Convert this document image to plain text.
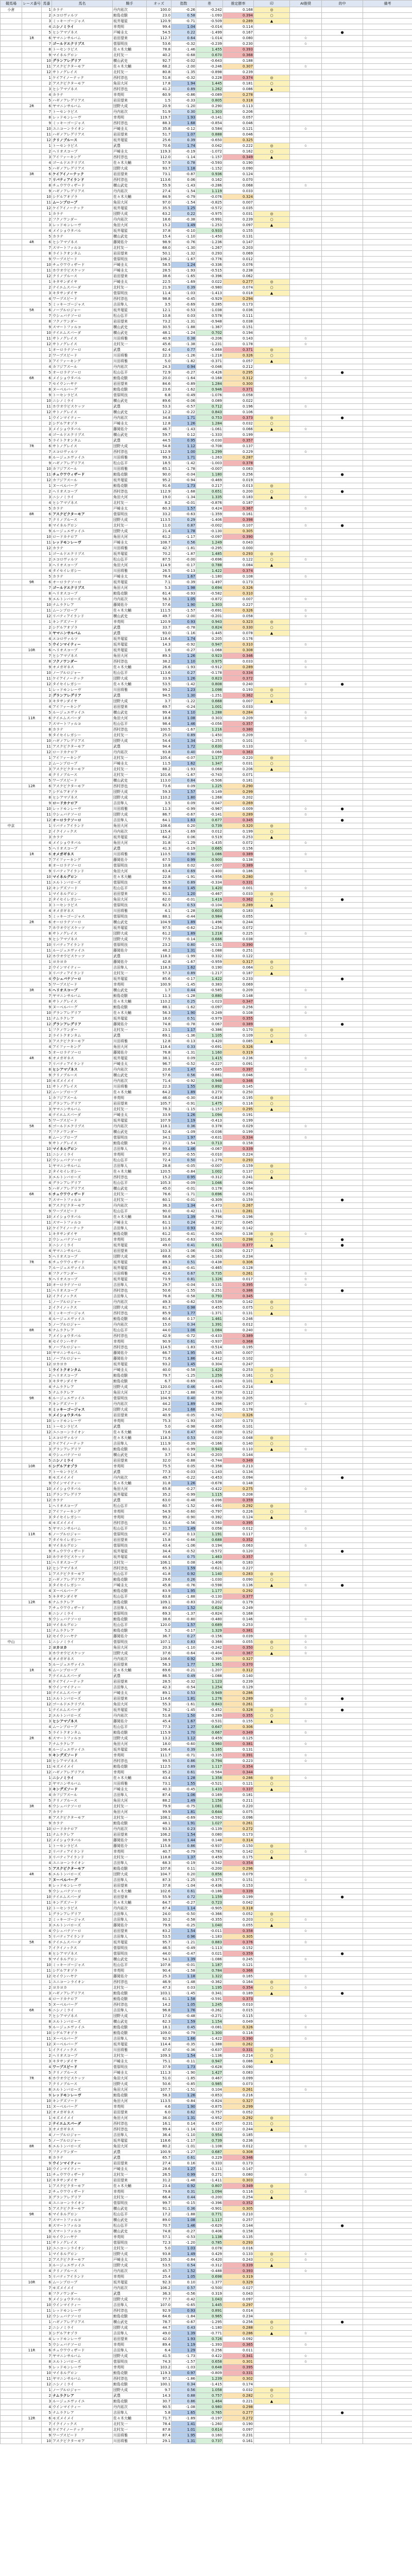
競馬場	レース番号	馬番	馬名	騎手	オッズ	指数	差	推定勝率	印	AI推奨	的中	備考
小倉		1	カラテ	丹内祐次	100.0	-0.26	-0.242	0.168	◎			
		2	エコロヴァルツ	鮫島克駿	23.0	0.58	-1.093	0.394	○			
		3	ミッキーゴージャス	坂井瑠星	120.9	-0.71	-0.509	0.289	▲			
		4	ニシノミライ	幸英明	99.4	1.04	-0.014	0.114				
		5	ヒシアマゾネス	戸崎圭太	54.5	0.22	-1.499	0.167			●	
	1R	6	ヤマニンサルバム	岩田望来	112.7	0.64	-1.014	0.080		☆		
		7	ゴールドエクリプス	菅原明良	53.6	-0.32	-0.239	0.230		☆		
		8	トーセンラピス	佐々木大輔	78.8	-1.46	1.455	0.393				
		9	マイネルグロン	北村友一	40.2	-0.68	0.670	0.368				
		10	グランアレグリア	横山武史	92.7	-0.02	-0.643	0.188				
		11	アスクビクターモア	佐々木大輔	68.2	-2.00	-0.246	0.307		☆		
		12	サトノグレイス	北村友一	80.8	-1.35	-0.898	0.239				
		1	ケイアイノーテック	西村淳也	51.8	-0.32	0.228	0.374	◎			
		2	アスクビクターモア	角田大河	17.8	1.94	1.445	0.181	○			
		3	ヒシアマゾネス	西村淳也	41.2	0.89	1.262	0.086	▲			
		4	カラテ	幸英明	60.9	-0.86	-0.089	0.278				
		5	ハギノアレグリアス	岩田望来	1.5	-0.33	0.805	0.318				
	2R	6	ヤマニンサルバム	団野大成	20.9	-1.20	0.290	0.113				
		7	トーセンラピス	丹内祐次	51.9	0.30	1.303	0.206				
		8	レッドモンレーヴ	幸英明	119.7	1.93	-0.141	0.057				
		9	ミッキーゴージャス	西村淳也	88.3	1.68	-0.854	0.046				
		10	ユニコーンライオン	戸崎圭太	35.8	-0.12	0.584	0.121		☆		
		11	ハギノアレグリアス	岩田望来	51.7	1.07	0.888	0.046				
		12	クリノブルース	坂井瑠星	25.6	0.39	-0.650	0.325				
		1	トーセンラピス	武豊	70.6	1.74	0.042	0.222	◎	☆		
		2	ヘリオスコープ	戸崎圭太	119.3	-0.19	-1.072	0.162	○			
		3	アイファーキング	西村淳也	112.0	-1.14	-1.157	0.349	▲			
		4	ゴールドエクリプス	佐々木大輔	57.9	0.78	-0.593	0.190				
		5	ハギノアレグリアス	団野大成	93.7	1.18	-1.152	0.090				
	3R	6	ケイアイノーテック	岩田望来	73.1	-0.87	0.936	0.124				
		7	リバティアイランド	西村淳也	113.6	0.06	0.162	0.070				
		8	チュウワウィザード	横山武史	55.9	-1.43	-0.286	0.068		☆		
		9	ハギノアレグリアス	丹内祐次	27.4	-1.54	1.119	0.033				
		10	シゲルアオゾラ	佐々木大輔	84.9	-0.79	-0.076	0.324				
		11	ムーンプローブ	角田大河	97.0	-1.54	-0.825	0.007				
		12	ケイアイノーテック	坂井瑠星	35.5	1.25	-0.572	0.035				
		1	カラテ	団野大成	63.2	0.22	-0.975	0.031	◎			
		2	フクノワンダー	丹内祐次	18.6	-0.38	-0.991	0.239	○			
		3	レッドモンレーヴ	角田大河	15.2	1.49	-1.253	0.097	▲			
		4	メイショウタバル	坂井瑠星	37.8	-0.10	0.933	0.155				
		5	カラテ	横山武史	15.4	-1.10	-1.450	0.131				
	4R	6	ヒシアマゾネス	藤岡佑介	98.9	-0.76	-1.236	0.147				
		7	スマートファルコ	北村友一	68.0	-1.30	-1.267	0.203				
		8	ライトクオンタム	岩田望来	50.1	-1.32	0.293	0.069				
		9	ワープスピード	菅原明良	106.2	-1.67	-0.776	0.012				
		10	チュウワウィザード	戸崎圭太	58.5	1.24	-0.336	0.076				
		11	ホウオウビスケッツ	戸崎圭太	28.5	-1.93	-0.515	0.238				
		12	クリノブルース	岩田望来	38.6	-1.65	-0.396	0.062				
		1	キタサンダイヤ	戸崎圭太	22.5	-1.69	0.022	0.277	◎			
		2	テイエムスパーダ	北村友一	21.9	0.39	-0.980	0.074	○			
		3	キタサンダイヤ	菅原明良	11.4	-1.03	-1.413	0.018	▲			
		4	ワープスピード	西村淳也	98.8	-0.45	-0.929	0.294				
		5	ミッキーゴージャス	吉田隼人	3.5	-0.69	0.285	0.173				
	5R	6	ノーブルロジャー	坂井瑠星	12.1	-0.53	-1.038	0.036				
		7	ウシュバテソーロ	松山弘平	10.8	0.03	0.578	0.111				
		8	フクノワンダー	岩田望来	73.2	-1.31	-0.948	0.038				
		9	スマートファルコ	横山武史	30.5	-1.88	-1.367	0.151				
		10	テイエムスパーダ	横山武史	48.1	-1.24	0.702	0.194				
		11	サトノグレイス	川田将雅	40.9	0.38	-0.206	0.143		☆		
		12	サトノグレイス	北村友一	45.6	-1.38	-1.231	0.178		☆		
		1	オーロラテソーロ	武豊	62.4	0.77	-0.668	0.371	◎			
		2	ワープスピード	川田将雅	22.3	-1.26	-1.218	0.326	○			
		3	アイファーキング	川田将雅	5.0	-1.82	-0.371	0.057	▲			
		4	カフジアスール	丹内祐次	24.3	0.94	-0.046	0.212				
		5	オーロラテソーロ	松山弘平	72.9	-0.27	-0.426	0.295			●	
	6R	6	メイショウタバル	鮫島克駿	20.0	-1.64	-0.168	0.312		☆		
		7	セイウンハヤテ	岩田望来	84.6	-0.89	1.284	0.300				
		8	ヌーベルバーグ	鮫島克駿	23.6	-1.62	0.946	0.371				
		9	トーセンラピス	菅原明良	6.8	-0.49	-1.076	0.058				
		10	ニシノミライ	横山武史	89.6	-0.06	0.089	0.022				
		11	ホウオウビスケッツ	武豊	53.3	-0.57	0.712	0.196		☆		
		12	サトノグレイス	横山武史	12.2	-0.22	0.843	0.106				
		1	ウインマイティー	丹内祐次	34.8	1.71	0.753	0.373	◎		●	
		2	シゲルアオゾラ	戸崎圭太	12.8	1.26	1.284	0.032	○			
		3	メイショウタバル	藤岡佑介	46.7	-1.43	-1.061	0.066	▲	☆		
		4	ゴールドエクリプス	横山武史	59.7	0.12	-1.333	0.199				
		5	ライトクオンタム	武豊	44.5	0.95	-0.030	0.357				
	7R	6	サトノグレイス	団野大成	54.8	1.12	-0.708	0.137				
		7	エコロヴァルツ	西村淳也	112.9	1.00	1.299	0.229		☆		
		8	ルージュエヴァイユ	川田将雅	99.3	1.71	-1.263	0.287				
		9	ハギノアレグリアス	松山弘平	18.5	-1.42	-1.003	0.378				
		10	カフジアスール	川田将雅	65.1	-1.78	-0.007	0.083				
		11	チュウワウィザード	鮫島克駿	90.0	-0.04	1.180	0.256			●	
		12	カフジアスール	坂井瑠星	95.2	-0.94	-0.469	0.019				
		1	ヌーベルバーグ	鮫島克駿	91.6	1.73	0.217	0.013	◎			
		2	ヘリオスコープ	西村淳也	112.9	-1.68	0.651	0.200	○		●	
		3	ニシノミライ	角田大河	19.0	-1.34	1.335	0.183	▲	☆		
		4	ヒシアマゾネス	北村友一	8.2	-0.01	-0.876	0.187				
		5	カラテ	戸崎圭太	60.3	1.57	0.424	0.367		☆		
	8R	6	アスクビクターモア	菅原明良	33.2	-0.63	-1.359	0.161				
		7	クリノブルース	団野大成	113.5	0.29	-1.406	0.398				
		8	マイネルグロン	北村友一	11.0	0.87	-0.002	0.107		☆	●	
		9	ルージュエヴァイユ	団野大成	21.4	1.78	-0.130	0.305				
		10	ロードカナロア	角田大河	61.2	-1.17	-0.097	0.390				
		11	レッドモンレーヴ	戸崎圭太	108.7	0.56	1.249	0.043				
		12	カラテ	川田将雅	42.7	-1.81	-0.295	0.000				
		1	ゴールドエクリプス	坂井瑠星	70.2	-1.87	1.485	0.293	◎			
		2	エコロヴァルツ	松山弘平	87.5	-0.00	-0.696	0.122	○	☆		
		3	ヘリオスコープ	角田大河	114.9	-0.17	0.788	0.084	▲			
		4	タイセイレガシー	川田将雅	26.5	-0.13	1.422	0.374				
		5	カラテ	戸崎圭太	78.4	1.67	-1.180	0.108		☆		
	9R	6	オーロラテソーロ	坂井瑠星	7.1	-0.39	-1.497	0.173				
		7	ゴールドエクリプス	角田大河	5.3	1.98	0.694	0.326				
		8	ヘリオスコープ	鮫島克駿	61.4	-0.93	-0.582	0.310				
		9	エルトンバローズ	丹内祐次	56.3	1.05	-0.872	0.007		☆		
		10	ナムラクレア	藤岡佑介	57.6	1.90	1.303	0.227				
		11	ムーンプローブ	佐々木大輔	111.5	-1.57	-0.691	0.326		☆		
		12	リバティアイランド	横山武史	49.7	-2.00	-0.201	0.058		☆		
		1	キングズソード	幸英明	120.9	0.93	0.943	0.323	◎			
		2	シゲルアオゾラ	武豊	33.7	-0.78	0.824	0.330	○			
		3	ヤマニンサルバム	武豊	93.0	-1.16	-1.445	0.078	▲			
		4	エコロヴァルツ	坂井瑠星	118.4	1.74	0.205	0.176				
		5	ウインマイティー	坂井瑠星	14.3	-0.92	0.947	0.310		☆		
	10R	6	ヘリオスコープ	坂井瑠星	1.6	-0.27	-1.068	0.308				
		7	ヒシアマゾネス	角田大河	89.3	1.26	0.923	0.346				
		8	フクノワンダー	西村淳也	38.2	1.10	0.975	0.033		☆		
		9	オメガギネス	佐々木大輔	26.6	-1.93	-0.912	0.289		☆		
		10	ノーブルロジャー	松山弘平	113.6	0.27	-0.178	0.334				
		11	ケイアイノーテック	団野大成	33.9	1.26	0.823	0.372				
		12	タイセイレガシー	佐々木大輔	53.5	-1.42	0.808	0.240		☆	●	
		1	レッドモンレーヴ	川田将雅	99.2	1.23	1.098	0.193	◎			
		2	グランアレグリア	武豊	94.5	1.30	-1.251	0.362	○			
		3	キタサンダイヤ	団野大成	3.7	-1.22	0.668	0.007	▲			
		4	アイファーキング	岩田望来	69.7	-0.24	1.001	0.033				
		5	ルージュエヴァイユ	横山武史	99.4	1.10	1.288	0.284		☆		
	11R	6	テイエムスパーダ	角田大河	18.8	1.08	0.303	0.209		☆		
		7	スマートファルコ	松山弘平	98.4	1.46	-0.056	0.357				
		8	カラテ	西村淳也	100.5	-1.67	1.216	0.380				
		9	タイセイレガシー	北村友一	25.0	0.89	-1.450	0.209				
		10	ハギノアレグリアス	団野大成	54.4	1.34	-1.255	0.101		☆		
		11	アスクビクターモア	武豊	94.4	1.72	0.630	0.133				
		12	ロードカナロア	丹内祐次	93.8	0.40	0.066	0.363				
		1	アイファーキング	北村友一	105.4	-0.07	1.177	0.220	◎			
		2	ムーンプローブ	戸崎圭太	11.5	1.62	1.347	0.031	○			
		3	アスクビクターモア	北村友一	88.2	-1.93	0.068	0.206	▲			
		4	クリノブルース	北村友一	101.6	-1.67	-0.743	0.071				
		5	ワープスピード	横山武史	113.0	0.84	-0.506	0.181				
	12R	6	アスクビクターモア	西村淳也	73.6	0.09	1.225	0.290				
		7	シゲルアオゾラ	団野大成	59.3	1.57	0.149	0.299				
		8	ヒシアマゾネス	団野大成	110.2	1.80	-1.268	0.202				
		9	ロードカナロア	吉田隼人	3.5	0.09	0.047	0.269				
		10	レッドモンレーヴ	川田将雅	11.3	-0.99	-0.967	0.009		☆	●	
		11	ウシュバテソーロ	団野大成	86.7	-0.67	-0.141	0.289		☆		
		12	オーロラテソーロ	吉田隼人	64.1	1.63	0.677	0.345			●	
中京		1	リバティアイランド	角田大河	108.6	0.20	0.739	0.320	◎			
		2	イクイノックス	丹内祐次	115.4	-1.69	0.012	0.199	○			
		3	カラテ	坂井瑠星	64.2	0.06	0.519	0.253	▲			
		4	メイショウタバル	角田大河	31.8	-1.29	-1.435	0.072		☆		
		5	ヘリオスコープ	武豊	41.3	-0.19	0.665	0.156				
	1R	6	オメガギネス	川田将雅	110.5	0.90	1.086	0.389		☆		
		7	アイファーキング	藤岡佑介	67.5	0.99	0.900	0.138				
		8	オーロラテソーロ	菅原明良	10.8	0.02	-0.007	0.389				
		9	リバティアイランド	角田大河	63.4	0.69	0.400	0.186		☆		
		10	マイネルグロン	佐々木大輔	22.8	-1.91	-0.956	0.280				
		11	エルトンバローズ	菅原明良	55.9	0.89	-0.334	0.331				
		12	キングズソード	松山弘平	88.6	1.45	1.420	0.001		☆		
		1	マイネルグロン	岩田望来	91.1	1.20	-0.467	0.033	◎			
		2	タイセイレガシー	角田大河	62.0	-0.01	1.419	0.362	○		●	
		3	トーセンラピス	菅原明良	82.3	0.53	-0.104	0.289	▲			
		4	オメガギネス	川田将雅	4.1	-1.28	0.603	0.183				
		5	ミッキーゴージャス	菅原明良	88.1	-0.44	0.984	0.055				
	2R	6	オーロラテソーロ	横山武史	104.9	1.89	-1.496	0.244				
		7	ホウオウビスケッツ	坂井瑠星	97.5	-0.62	-1.254	0.072				
		8	サトノグレイス	団野大成	61.2	1.89	1.218	0.225		☆		
		9	ヒシアマゾネス	団野大成	77.5	-0.14	0.666	0.038				
		10	リバティアイランド	菅原明良	23.2	0.80	-0.131	0.390				
		11	ルージュエヴァイユ	藤岡佑介	48.2	1.31	-1.088	0.251				
		12	ホウオウビスケッツ	武豊	118.3	-1.99	0.332	0.122				
		1	ヨカヨカ	藤岡佑介	42.8	-1.67	-0.959	0.317	◎			
		2	ウインマイティー	吉田隼人	118.3	1.62	0.190	0.064	○			
		3	リバティアイランド	北村友一	57.3	0.89	-1.217	0.187	▲			
		4	ウシュバテソーロ	坂井瑠星	85.6	-0.17	1.422	0.233			●	
		5	ワープスピード	幸英明	100.9	-1.45	0.383	0.069				
	3R	6	ヘリオスコープ	横山武史	1.7	0.44	-0.585	0.209		☆		
		7	ヤマニンサルバム	鮫島克駿	11.3	-1.28	0.880	0.148				
		8	サトノグレイス	佐々木大輔	110.2	0.25	-1.023	0.347				
		9	ヌーベルバーグ	鮫島克駿	88.1	-1.62	-0.097	0.256		☆		
		10	グランアレグリア	佐々木大輔	56.3	1.90	0.249	0.108		☆		
		11	ナムラクレア	坂井瑠星	18.0	0.51	-0.979	0.355				
		12	グランアレグリア	藤岡佑介	74.8	-0.78	0.067	0.389			●	
		1	フクノワンダー	北村友一	23.1	1.17	-0.386	0.170	◎			
		2	ライトクオンタム	武豊	69.1	-1.36	1.105	0.109	○	☆		
		3	アスクビクターモア	川田将雅	12.8	-0.13	0.420	0.085	▲			
		4	アイファーキング	角田大河	118.4	0.33	-0.691	0.326				
		5	オーロラテソーロ	藤岡佑介	76.8	-1.31	1.160	0.319				
	4R	6	オメガギネス	坂井瑠星	38.1	0.09	1.415	0.236		☆		
		7	リバティアイランド	戸崎圭太	96.7	-0.52	-0.227	0.091				
		8	ヒシアマゾネス	丹内祐次	20.6	1.47	-0.685	0.397		☆		
		9	クリノブルース	横山武史	57.6	0.56	-0.861	0.046				
		10	モズメイメイ	丹内祐次	71.4	-0.92	0.948	0.346				
		11	サトノグレイス	川田将雅	22.3	1.55	0.892	0.145				
		12	ムーンプローブ	佐々木大輔	64.2	1.89	0.273	0.250				
		1	カフジアスール	幸英明	46.0	-0.30	-0.818	0.195	◎			
		2	グランアレグリア	岩田望来	105.7	-0.91	1.475	0.116	○			
		3	ヤマニンサルバム	北村友一	78.3	-1.15	-1.157	0.295	▲			
		4	テイエムスパーダ	戸崎圭太	33.9	1.26	1.094	0.191				
		5	ワープスピード	坂井瑠星	107.9	1.19	-0.413	0.199				
	5R	6	ゴールドエクリプス	丹内祐次	118.1	0.36	0.378	0.029		☆		
		7	フクノワンダー	横山武史	52.4	-1.09	-0.036	0.199				
		8	ムーンプローブ	菅原明良	34.1	1.97	-0.631	0.334		☆		
		9	サトノグレイス	鮫島克駿	27.1	-1.54	0.713	0.158				
		10	マイネルグロン	吉田隼人	99.4	1.46	-0.067	0.339				
		11	ニシノミライ	幸英明	97.2	-0.55	-0.010	0.224				
		12	ウシュバテソーロ	松山弘平	72.4	0.50	-1.279	0.293				
		1	ヤマニンサルバム	吉田隼人	28.8	-0.05	-0.007	0.159	◎			
		2	タイセイレガシー	佐々木大輔	120.5	-0.84	1.002	0.137	○			
		3	エルトンバローズ	西村淳也	15.2	0.95	-0.312	0.241	▲			
		4	グランアレグリア	松山弘平	105.3	-0.09	1.046	0.094				
		5	ハギノアレグリアス	横山武史	45.0	-0.01	0.178	0.164				
	6R	6	チュウワウィザード	北村友一	76.6	-1.71	0.696	0.251				
		7	スマートファルコ	北村友一	60.1	-0.01	-0.309	0.159			●	
		8	アスクビクターモア	丹内祐次	36.3	1.34	-0.473	0.267				
		9	ワープスピード	松山弘平	90.0	-0.42	0.311	0.281				
		10	メイショウタバル	佐々木大輔	58.8	1.39	-0.796	0.196				
		11	スマートファルコ	戸崎圭太	61.1	0.24	-0.272	0.045				
		12	ケイアイノーテック	吉田隼人	10.3	0.93	0.382	0.142				
		1	キタサンダイヤ	鮫島克駿	61.2	-0.41	-0.304	0.138	◎	☆		
		2	ウシュバテソーロ	幸英明	101.6	-0.63	0.505	0.298	○		●	
		3	ニシノミライ	坂井瑠星	49.0	0.41	0.611	0.377	▲		●	
		4	ヤマニンサルバム	岩田望来	103.3	-1.06	-0.026	0.217				
		5	ヘリオスコープ	団野大成	68.6	-0.36	-1.163	0.234				
	7R	6	チュウワウィザード	坂井瑠星	89.3	0.51	-0.438	0.306				
		7	ルージュエヴァイユ	坂井瑠星	49.1	-0.41	-0.465	0.128				
		8	フクノワンダー	川田将雅	42.6	0.67	0.735	0.261		☆		
		9	ヘリオスコープ	坂井瑠星	73.9	0.81	1.326	0.017		☆		
		10	オーロラテソーロ	吉田隼人	29.7	-0.04	0.131	0.395		☆		
		11	ヘリオスコープ	西村淳也	50.6	-1.55	0.251	0.386			●	
		12	イクイノックス	吉田隼人	76.8	-0.58	0.793	0.345				
		1	ノーブルロジャー	丹内祐次	49.3	-0.62	-0.539	0.142	◎			
		2	イクイノックス	団野大成	81.7	0.98	0.455	0.075	○			
		3	ミッキーゴージャス	西村淳也	85.9	1.77	-1.371	0.131	▲			
		4	ルージュエヴァイユ	鮫島克駿	60.4	0.17	1.461	0.246				
		5	ノーブルロジャー	丹内祐次	15.0	0.34	1.391	0.012		☆		
	8R	6	ナムラクレア	松山弘平	44.0	1.06	1.084	0.240		☆		
		7	メイショウタバル	西村淳也	42.9	-0.72	-0.433	0.389				
		8	セイウンハヤテ	幸英明	90.9	0.61	-0.937	0.368				
		9	ノーブルロジャー	西村淳也	114.5	-1.83	-0.514	0.195				
		10	ヤマニンサルバム	藤岡佑介	66.7	1.95	0.345	0.007				
		11	ノーブルロジャー	藤岡佑介	71.6	1.86	-1.412	0.102				
		12	ヨカヨカ	坂井瑠星	93.2	1.45	0.304	0.247				
		1	ライトクオンタム	戸崎圭太	40.0	-0.58	1.420	0.253	◎			
		2	ヘリオスコープ	鮫島克駿	79.7	-1.25	1.259	0.161	○			
		3	キタサンダイヤ	鮫島克駿	6.7	-0.69	-0.034	0.101	▲			
		4	ナムラクレア	団野大成	120.0	0.46	-1.445	0.214				
		5	ナムラクレア	角田大河	117.2	-1.88	-0.739	0.112				
	9R	6	ルージュエヴァイユ	菅原明良	104.9	0.40	0.350	0.205				
		7	キングズソード	丹内祐次	44.2	1.89	0.396	0.197		☆		
		8	ミッキーゴージャス	団野大成	24.0	1.68	-0.295	0.178				
		9	メイショウタバル	岩田望来	40.9	-0.05	-0.742	0.326				
		10	レッドモンレーヴ	幸英明	75.3	-1.93	0.107	0.173				
		11	トーセンラピス	武豊	5.0	-0.98	-0.656	0.101				
		12	ユニコーンライオン	佐々木大輔	73.6	0.47	0.039	0.152				
		1	エコロヴァルツ	佐々木大輔	118.3	0.53	-0.020	0.048	◎			
		2	ケイアイノーテック	吉田隼人	111.9	-0.39	-0.166	0.140	○			
		3	グランアレグリア	鮫島克駿	60.1	-0.99	0.943	0.110	▲	☆		
		4	ウシュバテソーロ	横山武史	3.7	0.14	-0.203	0.144				
		5	ニシノミライ	岩田望来	32.0	-0.88	-0.744	0.349				
	10R	6	シゲルアオゾラ	幸英明	75.5	0.05	-0.358	0.213				
		7	トーセンラピス	武豊	77.3	-0.03	-1.143	0.134				
		8	モズメイメイ	丹内祐次	49.7	-0.22	-0.453	0.094			●	
		9	ウインマイティー	佐々木大輔	31.8	1.26	-0.678	0.148				
		10	メイショウタバル	角田大河	65.8	-0.27	-0.422	0.275		☆		
		11	グランアレグリア	坂井瑠星	35.2	-0.99	1.115	0.208				
		12	カラテ	武豊	63.0	-0.48	0.096	0.359				
		1	ヘリオスコープ	松山弘平	60.7	-1.52	-0.491	0.292	◎			
		2	アイファーキング	幸英明	54.9	-0.60	-0.797	0.226	○	☆		
		3	タイセイレガシー	幸英明	99.2	-0.90	-0.392	0.124	▲			
		4	モズメイメイ	西村淳也	53.4	-0.56	0.560	0.395				
		5	ヤマニンサルバム	松山弘平	31.7	1.49	0.058	0.012		☆		
	11R	6	ノーブルロジャー	菅原明良	47.2	0.13	1.191	0.117				
		7	タイセイレガシー	岩田望来	15.8	-0.66	0.688	0.352				
		8	マイネルグロン	菅原明良	43.4	-1.06	0.194	0.063		☆		
		9	チュウワウィザード	坂井瑠星	34.4	-0.52	-0.572	0.120			●	
		10	ホウオウビスケッツ	坂井瑠星	44.6	0.75	1.463	0.357				
		11	ヘリオスコープ	北村友一	106.1	0.08	-1.406	0.183				
		12	ヒシアマゾネス	西村淳也	65.3	1.59	-0.621	0.227				
		1	アスクビクターモア	松山弘平	41.8	0.92	1.140	0.283	◎			
		2	ハギノアレグリアス	鮫島克駿	29.6	0.26	-1.030	0.090	○			
		3	タイセイレガシー	戸崎圭太	45.8	-0.76	-0.598	0.136	▲	☆	●	
		4	ヌーベルバーグ	鮫島克駿	83.9	1.95	1.177	0.292				
		5	キタサンダイヤ	松山弘平	63.8	-1.88	-0.130	0.377				
	12R	6	ナムラクレア	鮫島克駿	109.1	-0.83	0.202	0.179				
		7	チュウワウィザード	吉田隼人	89.0	1.52	0.624	0.249				
		8	ニシノミライ	菅原明良	69.3	-1.37	-0.824	0.168				
		9	ウシュバテソーロ	鮫島克駿	38.6	-0.80	-0.480	0.146		☆		
		10	マイネルグロン	松山弘平	120.0	1.57	0.689	0.253				
		11	ナムラクレア	鮫島克駿	5.2	-0.17	1.329	0.381				
		12	セイウンハヤテ	藤岡佑介	36.7	0.27	-0.156	0.039		☆		
中山		1	ニシノミライ	菅原明良	107.1	0.83	0.368	0.055	◎	☆		
		2	ヨカヨカ	角田大河	20.3	-1.10	-0.242	0.350	○	☆		
		3	ホウオウビスケッツ	団野大成	37.6	-0.64	-0.404	0.367	▲	☆		
		4	オメガギネス	丹内祐次	108.6	0.92	0.395	0.327				
		5	ルージュエヴァイユ	岩田望来	56.3	1.77	1.361	0.370				
	1R	6	ムーンプローブ	佐々木大輔	69.6	-0.21	-1.207	0.312				
		7	テイエムスパーダ	武豊	86.5	0.49	-1.088	0.140				
		8	ケイアイノーテック	岩田望来	28.5	-0.32	1.123	0.239				
		9	ウインマイティー	吉田隼人	42.3	-0.54	1.254	0.129				
		10	テイエムスパーダ	戸崎圭太	89.1	0.53	0.949	0.286				
		11	エルトンバローズ	岩田望来	114.6	1.81	1.276	0.289		☆	●	
		12	ゴールドエクリプス	角田大河	55.3	-1.61	0.843	0.261		☆		
		1	テイエムスパーダ	坂井瑠星	76.2	-1.45	-0.452	0.328	◎		●	
		2	エルトンバローズ	丹内祐次	51.8	1.50	0.289	0.355	○			
		3	ヒシアマゾネス	藤岡佑介	45.4	1.67	-0.531	0.155	▲	☆		
		4	ムーンプローブ	松山弘平	77.3	1.27	0.647	0.306				
		5	ライトクオンタム	鮫島克駿	115.9	1.70	0.667	0.349		☆		
	2R	6	スマートファルコ	団野大成	13.2	1.12	0.459	0.125				
		7	ナムラクレア	角田大河	18.0	-0.60	0.960	0.381		☆		
		8	ルージュエヴァイユ	坂井瑠星	106.4	0.39	1.165	0.131				
		9	キングズソード	幸英明	111.7	-0.71	-0.335	0.391		☆		
		10	ヒシアマゾネス	西村淳也	99.5	0.86	0.794	0.223		☆		
		11	モズメイメイ	鮫島克駿	112.5	0.89	1.117	0.354				
		12	ハギノアレグリアス	幸英明	95.2	0.61	-0.564	0.344				
		1	ニシノミライ	佐々木大輔	43.4	1.28	1.358	0.286	◎	☆		
		2	ヤマニンサルバム	川田将雅	73.1	1.55	-0.521	0.121	○			
		3	キングズソード	戸崎圭太	40.3	-0.45	1.433	0.337	▲			
		4	カフジアスール	吉田隼人	87.4	1.06	0.169	0.181				
		5	クリノブルース	角田大河	88.2	1.49	1.158	0.211				
	3R	6	ウシュバテソーロ	北村友一	79.9	-0.75	1.081	0.220				
		7	カラテ	角田大河	99.9	1.81	0.644	0.075				
		8	アスクビクターモア	北村友一	108.1	-0.69	-0.592	0.096				
		9	カラテ	鮫島克駿	48.1	1.91	1.027	0.261				
		10	ロードカナロア	丹内祐次	93.3	0.23	-0.139	0.272				
		11	ナムラクレア	岩田望来	106.2	1.54	0.080	0.173				
		12	メイショウタバル	藤岡佑介	38.9	1.44	0.148	0.314				
		1	トーセンラピス	藤岡佑介	115.8	0.86	-0.937	0.150	◎			
		2	リバティアイランド	幸英明	40.7	-0.79	-0.783	0.142	○	☆		
		3	リバティアイランド	北村友一	118.8	1.37	0.459	0.175	▲			
		4	ユニコーンライオン	吉田隼人	68.3	-0.19	0.542	0.354				
		5	アスクビクターモア	鮫島克駿	107.8	0.11	-0.200	0.296				
	4R	6	エルトンバローズ	団野大成	104.7	0.20	0.856	0.079				
		7	ヌーベルバーグ	吉田隼人	87.3	-1.25	-0.375	0.151		☆		
		8	レッドモンレーヴ	岩田望来	37.8	-1.04	-0.436	0.153				
		9	ウシュバテソーロ	佐々木大輔	102.6	0.61	-0.186	0.339				
		10	テイエムスパーダ	岩田望来	55.9	0.72	1.159	0.199			●	
		11	キングズソード	佐々木大輔	64.7	-0.27	0.723	0.042				
		12	トーセンラピス	丹内祐次	67.4	1.14	-0.905	0.318				
		1	グランアレグリア	吉田隼人	24.0	-0.50	-0.366	0.052	◎			
		2	ミッキーゴージャス	吉田隼人	30.2	-0.58	-0.355	0.203	○	☆		
		3	エルトンバローズ	藤岡佑介	79.9	-0.25	1.040	0.055	▲			
		4	ウシュバテソーロ	岩田望来	83.2	1.54	-0.011	0.358		☆		
		5	リバティアイランド	吉田隼人	53.5	0.96	-1.183	0.305				
	5R	6	テイエムスパーダ	坂井瑠星	95.7	-1.21	0.883	0.376		☆		
		7	イクイノックス	菅原明良	46.5	-0.49	-1.113	0.152				
		8	ヒシアマゾネス	菅原明良	44.0	-0.47	0.021	0.359			●	
		9	マイネルグロン	横山武史	54.1	1.39	-1.086	0.245		☆		
		10	ミッキーゴージャス	松山弘平	107.8	-0.01	1.187	0.121				
		11	シゲルアオゾラ	幸英明	90.4	-1.58	0.784	0.366				
		12	セイウンハヤテ	藤岡佑介	25.3	1.18	1.322	0.165		☆		
		1	ユニコーンライオン	西村淳也	46.9	-1.48	-0.362	0.164	◎			
		2	ヨカヨカ	北村友一	47.3	0.03	1.195	0.354	○	☆		
		3	ハギノアレグリアス	鮫島克駿	103.1	-1.45	0.341	0.189	▲		●	
		4	ロードカナロア	鮫島克駿	61.1	1.58	-0.591	0.373				
		5	ヌーベルバーグ	西村淳也	14.2	1.05	1.245	0.010				
	6R	6	ニシノミライ	吉田隼人	96.8	1.76	-0.262	0.015				
		7	ヒシアマゾネス	団野大成	17.0	-0.48	-0.271	0.115		☆		
		8	エルトンバローズ	横山武史	62.3	1.59	1.154	0.049				
		9	ルージュエヴァイユ	鮫島克駿	18.1	0.45	-0.081	0.326		☆		
		10	シゲルアオゾラ	鮫島克駿	109.0	-0.79	1.300	0.116				
		11	ヌーベルバーグ	吉田隼人	92.9	1.66	-1.422	0.390		☆		
		12	ヌーベルバーグ	坂井瑠星	114.4	-0.35	-1.388	0.262				
		1	イクイノックス	川田将雅	47.0	-0.36	-0.637	0.331	◎			
		2	ヘリオスコープ	北村友一	109.3	1.54	-1.136	0.214	○			
		3	キタサンダイヤ	戸崎圭太	75.1	-0.11	0.947	0.086	▲			
		4	ワープスピード	菅原明良	37.9	1.73	-0.628	0.090				
		5	クリノブルース	戸崎圭太	111.3	-1.90	1.427	0.083				
	7R	6	ホウオウビスケッツ	角田大河	51.0	-1.85	0.467	0.099				
		7	クリノブルース	団野大成	50.6	-0.85	0.985	0.073				
		8	エルトンバローズ	角田大河	107.7	-1.51	0.104	0.261		☆		
		9	レッドモンレーヴ	鮫島克駿	58.3	1.26	-0.853	0.216				
		10	キングズソード	角田大河	113.5	-0.84	-0.824	0.327				
		11	ヌーベルバーグ	幸英明	4.6	1.90	-0.875	0.299				
		12	オメガギネス	岩田望来	6.0	0.62	-0.757	0.052				
		1	モズメイメイ	角田大河	36.0	1.31	-0.952	0.292	◎			
		2	テイエムスパーダ	西村淳也	16.1	0.14	0.457	0.231	○			
		3	オメガギネス	西村淳也	99.4	-1.14	0.122	0.244	▲			
		4	ノーブルロジャー	吉田隼人	36.4	-1.10	0.954	0.185				
		5	ノーブルロジャー	坂井瑠星	118.6	-1.17	0.739	0.236				
	8R	6	エルトンバローズ	角田大河	80.2	-1.01	-1.108	0.012		☆		
		7	フクノワンダー	武豊	100.9	-1.27	0.687	0.308				
		8	カラテ	武豊	65.7	0.61	0.229	0.346				
		9	ウインマイティー	岩田望来	27.4	0.16	0.333	0.173				
		10	ウインマイティー	戸崎圭太	28.6	1.27	-0.111	0.147				
		11	チュウワウィザード	北村友一	26.5	0.99	0.271	0.080		☆		
		12	キタサンダイヤ	岩田望来	31.2	-1.48	-1.411	0.303				
		1	アスクビクターモア	佐々木大輔	23.4	0.92	0.807	0.349	◎			
		2	チュウワウィザード	幸英明	79.8	0.31	1.094	0.116	○	☆		
		3	グランアレグリア	北村友一	66.4	0.44	-0.200	0.254	▲			
		4	ユニコーンライオン	菅原明良	99.7	-0.15	-0.396	0.352				
		5	アスクビクターモア	横山武史	91.1	0.36	-0.901	0.305				
	9R	6	マイネルグロン	松山弘平	17.2	-1.88	0.771	0.210				
		7	スマートファルコ	横山武史	89.0	1.08	1.117	0.257				
		8	スマートファルコ	松山弘平	70.7	1.46	-0.629	0.144			●	
		9	スマートファルコ	横山武史	74.8	-0.27	0.406	0.158				
		10	セイウンハヤテ	幸英明	57.1	-0.53	1.138	0.135				
		11	サトノグレイス	菅原明良	72.3	-1.20	0.785	0.293				
		12	ユニコーンライオン	北村友一	5.0	1.03	0.078	0.016				
		1	マイネルグロン	団野大成	93.8	1.49	0.429	0.133	◎	☆		
		2	アスクビクターモア	戸崎圭太	105.3	-0.84	-0.420	0.243	○	☆		
		3	ルージュエヴァイユ	団野大成	53.5	0.54	-0.312	0.339	▲			
		4	クリノブルース	丹内祐次	45.7	1.52	-0.488	0.393		☆		
		5	リバティアイランド	幸英明	25.4	1.05	0.698	0.319				
	10R	6	ムーンプローブ	坂井瑠星	92.3	0.10	-1.377	0.329				
		7	モズメイメイ	丹内祐次	106.2	0.57	-0.500	0.027				
		8	フクノワンダー	武豊	36.3	-0.56	0.319	0.043				
		9	メイショウタバル	団野大成	77.7	-0.42	1.043	0.097				
		10	ウインマイティー	吉田隼人	107.0	-0.65	1.445	0.297				
		11	レッドモンレーヴ	西村淳也	92.9	0.93	0.891	0.014				
		12	ウシュバテソーロ	鮫島克駿	64.6	-1.84	0.965	0.234				
		1	ハギノアレグリアス	横山武史	78.7	-0.67	-1.295	0.256	◎		●	
		2	ニシノミライ	団野大成	44.7	0.43	-1.180	0.288	○			
		3	シゲルアオゾラ	吉田隼人	49.0	1.39	-0.771	0.286	▲	☆		
		4	レッドモンレーヴ	岩田望来	42.0	1.93	0.726	0.092				
		5	ウシュバテソーロ	幸英明	89.4	1.19	-1.393	0.365		☆		
	11R	6	チュウワウィザード	吉田隼人	6.4	1.29	0.256	0.011				
		7	ヤマニンサルバム	団野大成	41.5	-1.73	0.422	0.341		☆		
		8	エルトンバローズ	菅原明良	74.3	-1.57	0.658	0.301		☆		
		9	レッドモンレーヴ	幸英明	103.2	-1.03	0.648	0.395				
		10	マイネルグロン	鮫島克駿	119.3	0.97	-0.809	0.331				
		11	ヤマニンサルバム	西村淳也	97.1	-1.86	1.239	0.302				
		12	ニシノミライ	鮫島克駿	100.1	0.34	-1.415	0.174				
		1	ノーブルロジャー	団野大成	9.7	0.56	1.058	0.032	◎			
		2	ナムラクレア	武豊	14.3	0.88	0.757	0.282	○			
		3	ルージュエヴァイユ	鮫島克駿	30.7	0.86	1.464	0.221	▲			
		4	ウインマイティー	丹内祐次	90.5	-1.08	0.980	0.298				
		5	ナムラクレア	吉田隼人	5.8	1.65	0.765	0.277			●	
	12R	6	モズメイメイ	佐々木大輔	71.7	-1.89	-0.197	0.272				
		7	イクイノックス	北村友一	78.4	1.41	-1.260	0.190				
		8	ケイアイノーテック	北村友一	87.8	1.01	0.614	0.097				
		9	ワープスピード	川田将雅	87.4	1.95	0.160	0.231				
		10	アスクビクターモア	川田将雅	29.1	1.31	0.737	0.161				
